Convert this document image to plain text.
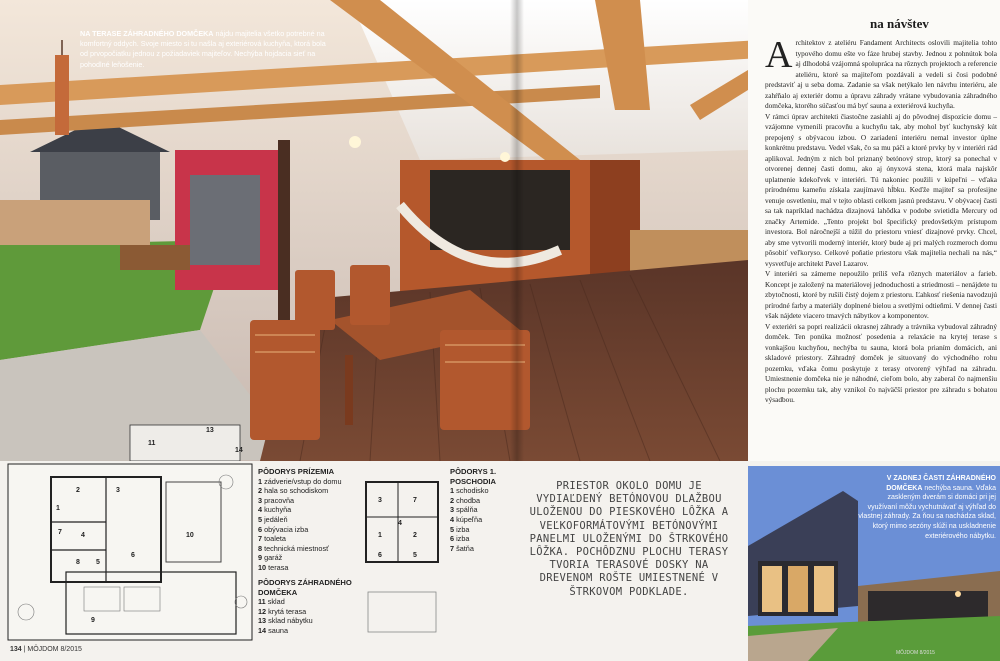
11
13
14
NA TERASE ZÁHRADNÉHO DOMČEKA nájdu majitelia všetko potrebné na komfortný oddych. Svoje miesto si tu našla aj exteriérová kuchyňa, ktorá bola od prvopočiatku jednou z požiadaviek majiteľov. Nechýba hojdacia sieť na pohodlné leňošenie.
na návštev

Architektov z ateliéru Fandament Architects oslovili majitelia tohto typového domu ešte vo fáze hrubej stavby. Jednou z pohnútok bola aj dlhodobá vzájomná spolupráca na rôznych projektoch a referencie ateliéru, ktoré sa majiteľom pozdávali a vedeli si čosi podobné predstaviť aj u seba doma. Zadanie sa však netýkalo len návrhu interiéru, ale zahŕňalo aj exteriér domu a úpravu záhrady vrátane vybudovania záhradného domčeka, ktorého súčasťou má byť sauna a exteriérová kuchyňa.

V rámci úprav architekti čiastočne zasiahli aj do pôvodnej dispozície domu – vzájomne vymenili pracovňu a kuchyňu tak, aby mohol byť kuchynský kút prepojený s obývacou izbou. O zariadení interiéru nemal investor úplne konkrétnu predstavu. Vedel však, čo sa mu páči a ktoré prvky by v interiéri rád aplikoval. Jedným z nich bol priznaný betónový strop, ktorý sa ponechal v otvorenej dennej časti domu, ako aj ónyxová stena, ktorá mala najskôr uplatnenie kdekoľvek v interiéri. Tú nakoniec použili v kúpeľni – vďaka prírodnému kameňu získala zaujímavú hĺbku. Keďže majiteľ sa profesijne venuje osvetleniu, mal v tejto oblasti celkom jasnú predstavu. V obývacej časti sa tak napríklad nachádza dizajnová lahôdka v podobe svietidla Mercury od značky Artemide. „Tento projekt bol špecifický predovšetkým prístupom investora. Bol náročnejší a túžil do priestoru vniesť dizajnové prvky. Chcel, aby sme vytvorili moderný interiér, ktorý bude aj pri malých rozmeroch domu pôsobiť veľkoryso. Celkové poňatie priestoru však majitelia nechali na nás,“ vysvetľuje architekt Pavel Lazarov.

V interiéri sa zámerne nepoužilo príliš veľa rôznych materiálov a farieb. Koncept je založený na materiálovej jednoduchosti a striedmosti – nenájdete tu zbytočnosti, ktoré by rušili čistý dojem z priestoru. Ľahkosť riešenia navodzujú prírodné farby a materiály doplnené bielou a svetlými odtieňmi. V dennej časti však nájdete viacero tmavých nábytkov a komponentov.

V exteriéri sa popri realizácii okrasnej záhrady a trávnika vybudoval záhradný domček. Ten ponúka možnosť posedenia a relaxácie na krytej terase s vonkajšou kuchyňou, nechýba tu sauna, ktorá bola prianím domácich, ani skladové priestory. Záhradný domček je situovaný do východného rohu pozemku, vďaka čomu poskytuje z terasy otvorený výhľad na záhradu. Umiestnenie domčeka nie je náhodné, cieľom bolo, aby zaberal čo najmenšiu plochu pozemku tak, aby vznikol čo najväčší priestor pre záhradu s bohatou výsadbou.

2
1
3
4
5
6
7
8
9
10
3	7
1	2
6	5
4
PÔDORYS PRÍZEMIA
1 zádverie/vstup do domu
2 hala so schodiskom
3 pracovňa
4 kuchyňa
5 jedáleň
6 obývacia izba
7 toaleta
8 technická miestnosť
9 garáž
10 terasa
PÔDORYS ZÁHRADNÉHO DOMČEKA
11 sklad
12 krytá terasa
13 sklad nábytku
14 sauna
PÔDORYS 1. POSCHODIA
1 schodisko
2 chodba
3 spálňa
4 kúpeľňa
5 izba
6 izba
7 šatňa
PRIESTOR OKOLO DOMU JE VYDIAĽDENÝ BETÓNOVOU DLAŽBOU ULOŽENOU DO PIESKOVÉHO LÔŽKA A VEĽKOFORMÁTOVÝMI BETÓNOVÝMI PANELMI ULOŽENÝMI DO ŠTRKOVÉHO LÔŽKA. POCHÔDZNU PLOCHU TERASY TVORIA TERASOVÉ DOSKY NA DREVENOM ROŠTE UMIESTNENÉ V ŠTRKOVOM PODKLADE.
V ZADNEJ ČASTI ZÁHRADNÉHO DOMČEKA nechýba sauna. Vďaka zaskleným dverám si domáci pri jej využívaní môžu vychutnávať aj výhľad do vlastnej záhrady. Za ňou sa nachádza sklad, ktorý mimo sezóny slúži na uskladnenie exteriérového nábytku.
134 | MÔJDOM 8/2015	MÔJDOM 8/2015
